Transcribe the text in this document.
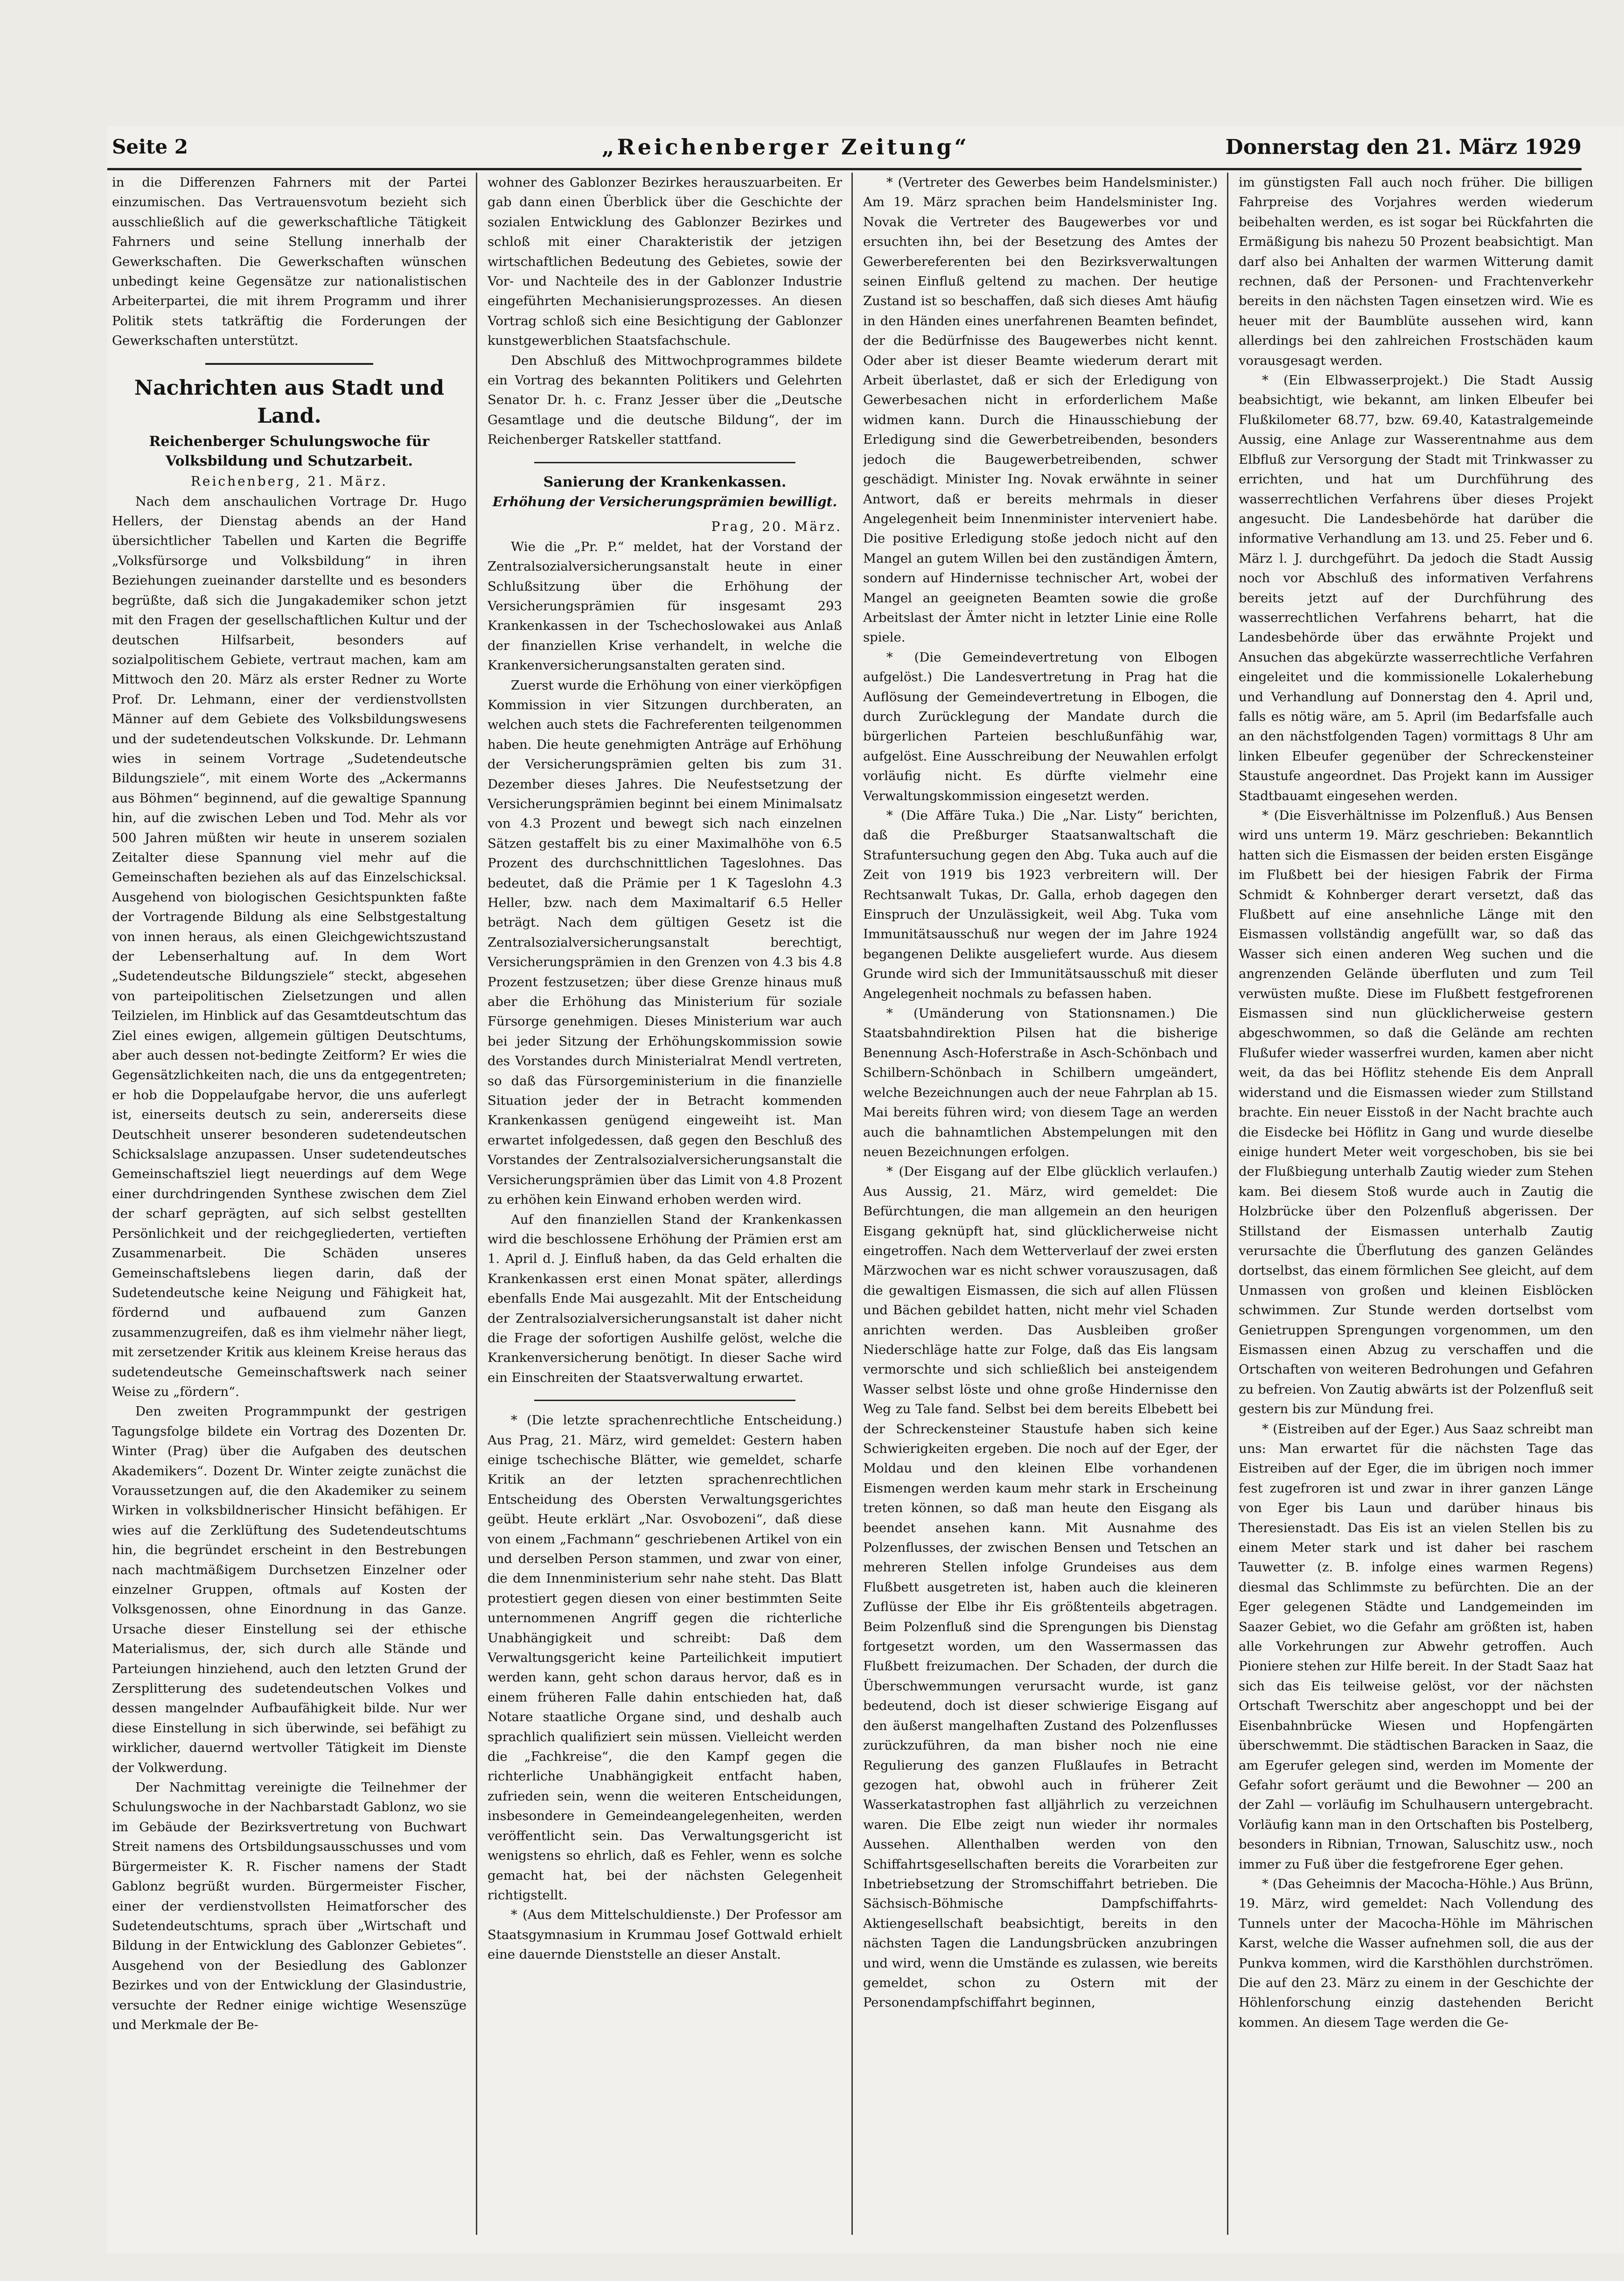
Seite 2	„Reichenberger Zeitung“	Donnerstag den 21. März 1929

in die Differenzen Fahrners mit der Partei einzumischen. Das Vertrauensvotum bezieht sich ausschließlich auf die gewerkschaftliche Tätigkeit Fahrners und seine Stellung innerhalb der Gewerkschaften. Die Gewerkschaften wünschen unbedingt keine Gegensätze zur nationalistischen Arbeiterpartei, die mit ihrem Programm und ihrer Politik stets tatkräftig die Forderungen der Gewerkschaften unterstützt.

Nachrichten aus Stadt und Land.
Reichenberger Schulungswoche für Volksbildung und Schutzarbeit.
Reichenberg, 21. März.

Nach dem anschaulichen Vortrage Dr. Hugo Hellers, der Dienstag abends an der Hand übersichtlicher Tabellen und Karten die Begriffe „Volksfürsorge und Volksbildung“ in ihren Beziehungen zueinander darstellte und es besonders begrüßte, daß sich die Jungakademiker schon jetzt mit den Fragen der gesellschaftlichen Kultur und der deutschen Hilfsarbeit, besonders auf sozialpolitischem Gebiete, vertraut machen, kam am Mittwoch den 20. März als erster Redner zu Worte Prof. Dr. Lehmann, einer der verdienstvollsten Männer auf dem Gebiete des Volksbildungswesens und der sudetendeutschen Volkskunde. Dr. Lehmann wies in seinem Vortrage „Sudetendeutsche Bildungsziele“, mit einem Worte des „Ackermanns aus Böhmen“ beginnend, auf die gewaltige Spannung hin, auf die zwischen Leben und Tod. Mehr als vor 500 Jahren müßten wir heute in unserem sozialen Zeitalter diese Spannung viel mehr auf die Gemeinschaften beziehen als auf das Einzelschicksal. Ausgehend von biologischen Gesichtspunkten faßte der Vortragende Bildung als eine Selbstgestaltung von innen heraus, als einen Gleichgewichtszustand der Lebenserhaltung auf. In dem Wort „Sudetendeutsche Bildungsziele“ steckt, abgesehen von parteipolitischen Zielsetzungen und allen Teilzielen, im Hinblick auf das Gesamtdeutschtum das Ziel eines ewigen, allgemein gültigen Deutschtums, aber auch dessen not-bedingte Zeitform? Er wies die Gegensätzlichkeiten nach, die uns da entgegentreten; er hob die Doppelaufgabe hervor, die uns auferlegt ist, einerseits deutsch zu sein, andererseits diese Deutschheit unserer besonderen sudetendeutschen Schicksalslage anzupassen. Unser sudetendeutsches Gemeinschaftsziel liegt neuerdings auf dem Wege einer durchdringenden Synthese zwischen dem Ziel der scharf geprägten, auf sich selbst gestellten Persönlichkeit und der reichgegliederten, vertieften Zusammenarbeit. Die Schäden unseres Gemeinschaftslebens liegen darin, daß der Sudetendeutsche keine Neigung und Fähigkeit hat, fördernd und aufbauend zum Ganzen zusammenzugreifen, daß es ihm vielmehr näher liegt, mit zersetzender Kritik aus kleinem Kreise heraus das sudetendeutsche Gemeinschaftswerk nach seiner Weise zu „fördern“.

Den zweiten Programmpunkt der gestrigen Tagungsfolge bildete ein Vortrag des Dozenten Dr. Winter (Prag) über die Aufgaben des deutschen Akademikers“. Dozent Dr. Winter zeigte zunächst die Voraussetzungen auf, die den Akademiker zu seinem Wirken in volksbildnerischer Hinsicht befähigen. Er wies auf die Zerklüftung des Sudetendeutschtums hin, die begründet erscheint in den Bestrebungen nach machtmäßigem Durchsetzen Einzelner oder einzelner Gruppen, oftmals auf Kosten der Volksgenossen, ohne Einordnung in das Ganze. Ursache dieser Einstellung sei der ethische Materialismus, der, sich durch alle Stände und Parteiungen hinziehend, auch den letzten Grund der Zersplitterung des sudetendeutschen Volkes und dessen mangelnder Aufbaufähigkeit bilde. Nur wer diese Einstellung in sich überwinde, sei befähigt zu wirklicher, dauernd wertvoller Tätigkeit im Dienste der Volkwerdung.

Der Nachmittag vereinigte die Teilnehmer der Schulungswoche in der Nachbarstadt Gablonz, wo sie im Gebäude der Bezirksvertretung von Buchwart Streit namens des Ortsbildungsausschusses und vom Bürgermeister K. R. Fischer namens der Stadt Gablonz begrüßt wurden. Bürgermeister Fischer, einer der verdienstvollsten Heimatforscher des Sudetendeutschtums, sprach über „Wirtschaft und Bildung in der Entwicklung des Gablonzer Gebietes“. Ausgehend von der Besiedlung des Gablonzer Bezirkes und von der Entwicklung der Glasindustrie, versuchte der Redner einige wichtige Wesenszüge und Merkmale der Be-

wohner des Gablonzer Bezirkes herauszuarbeiten. Er gab dann einen Überblick über die Geschichte der sozialen Entwicklung des Gablonzer Bezirkes und schloß mit einer Charakteristik der jetzigen wirtschaftlichen Bedeutung des Gebietes, sowie der Vor- und Nachteile des in der Gablonzer Industrie eingeführten Mechanisierungsprozesses. An diesen Vortrag schloß sich eine Besichtigung der Gablonzer kunstgewerblichen Staatsfachschule.

Den Abschluß des Mittwochprogrammes bildete ein Vortrag des bekannten Politikers und Gelehrten Senator Dr. h. c. Franz Jesser über die „Deutsche Gesamtlage und die deutsche Bildung“, der im Reichenberger Ratskeller stattfand.

Sanierung der Krankenkassen.
Erhöhung der Versicherungsprämien bewilligt.
Prag, 20. März.

Wie die „Pr. P.“ meldet, hat der Vorstand der Zentralsozialversicherungsanstalt heute in einer Schlußsitzung über die Erhöhung der Versicherungsprämien für insgesamt 293 Krankenkassen in der Tschechoslowakei aus Anlaß der finanziellen Krise verhandelt, in welche die Krankenversicherungsanstalten geraten sind.

Zuerst wurde die Erhöhung von einer vierköpfigen Kommission in vier Sitzungen durchberaten, an welchen auch stets die Fachreferenten teilgenommen haben. Die heute genehmigten Anträge auf Erhöhung der Versicherungsprämien gelten bis zum 31. Dezember dieses Jahres. Die Neufestsetzung der Versicherungsprämien beginnt bei einem Minimalsatz von 4.3 Prozent und bewegt sich nach einzelnen Sätzen gestaffelt bis zu einer Maximalhöhe von 6.5 Prozent des durchschnittlichen Tageslohnes. Das bedeutet, daß die Prämie per 1 K Tageslohn 4.3 Heller, bzw. nach dem Maximaltarif 6.5 Heller beträgt. Nach dem gültigen Gesetz ist die Zentralsozialversicherungsanstalt berechtigt, Versicherungsprämien in den Grenzen von 4.3 bis 4.8 Prozent festzusetzen; über diese Grenze hinaus muß aber die Erhöhung das Ministerium für soziale Fürsorge genehmigen. Dieses Ministerium war auch bei jeder Sitzung der Erhöhungskommission sowie des Vorstandes durch Ministerialrat Mendl vertreten, so daß das Fürsorgeministerium in die finanzielle Situation jeder der in Betracht kommenden Krankenkassen genügend eingeweiht ist. Man erwartet infolgedessen, daß gegen den Beschluß des Vorstandes der Zentralsozialversicherungsanstalt die Versicherungsprämien über das Limit von 4.8 Prozent zu erhöhen kein Einwand erhoben werden wird.

Auf den finanziellen Stand der Krankenkassen wird die beschlossene Erhöhung der Prämien erst am 1. April d. J. Einfluß haben, da das Geld erhalten die Krankenkassen erst einen Monat später, allerdings ebenfalls Ende Mai ausgezahlt. Mit der Entscheidung der Zentralsozialversicherungsanstalt ist daher nicht die Frage der sofortigen Aushilfe gelöst, welche die Krankenversicherung benötigt. In dieser Sache wird ein Einschreiten der Staatsverwaltung erwartet.

* (Die letzte sprachenrechtliche Entscheidung.) Aus Prag, 21. März, wird gemeldet: Gestern haben einige tschechische Blätter, wie gemeldet, scharfe Kritik an der letzten sprachenrechtlichen Entscheidung des Obersten Verwaltungsgerichtes geübt. Heute erklärt „Nar. Osvobozeni“, daß diese von einem „Fachmann“ geschriebenen Artikel von ein und derselben Person stammen, und zwar von einer, die dem Innenministerium sehr nahe steht. Das Blatt protestiert gegen diesen von einer bestimmten Seite unternommenen Angriff gegen die richterliche Unabhängigkeit und schreibt: Daß dem Verwaltungsgericht keine Parteilichkeit imputiert werden kann, geht schon daraus hervor, daß es in einem früheren Falle dahin entschieden hat, daß Notare staatliche Organe sind, und deshalb auch sprachlich qualifiziert sein müssen. Vielleicht werden die „Fachkreise“, die den Kampf gegen die richterliche Unabhängigkeit entfacht haben, zufrieden sein, wenn die weiteren Entscheidungen, insbesondere in Gemeindeangelegenheiten, werden veröffentlicht sein. Das Verwaltungsgericht ist wenigstens so ehrlich, daß es Fehler, wenn es solche gemacht hat, bei der nächsten Gelegenheit richtigstellt.

* (Aus dem Mittelschuldienste.) Der Professor am Staatsgymnasium in Krummau Josef Gottwald erhielt eine dauernde Dienststelle an dieser Anstalt.

* (Vertreter des Gewerbes beim Handelsminister.) Am 19. März sprachen beim Handelsminister Ing. Novak die Vertreter des Baugewerbes vor und ersuchten ihn, bei der Besetzung des Amtes der Gewerbereferenten bei den Bezirksverwaltungen seinen Einfluß geltend zu machen. Der heutige Zustand ist so beschaffen, daß sich dieses Amt häufig in den Händen eines unerfahrenen Beamten befindet, der die Bedürfnisse des Baugewerbes nicht kennt. Oder aber ist dieser Beamte wiederum derart mit Arbeit überlastet, daß er sich der Erledigung von Gewerbesachen nicht in erforderlichem Maße widmen kann. Durch die Hinausschiebung der Erledigung sind die Gewerbetreibenden, besonders jedoch die Baugewerbetreibenden, schwer geschädigt. Minister Ing. Novak erwähnte in seiner Antwort, daß er bereits mehrmals in dieser Angelegenheit beim Innenminister interveniert habe. Die positive Erledigung stoße jedoch nicht auf den Mangel an gutem Willen bei den zuständigen Ämtern, sondern auf Hindernisse technischer Art, wobei der Mangel an geeigneten Beamten sowie die große Arbeitslast der Ämter nicht in letzter Linie eine Rolle spiele.

* (Die Gemeindevertretung von Elbogen aufgelöst.) Die Landesvertretung in Prag hat die Auflösung der Gemeindevertretung in Elbogen, die durch Zurücklegung der Mandate durch die bürgerlichen Parteien beschlußunfähig war, aufgelöst. Eine Ausschreibung der Neuwahlen erfolgt vorläufig nicht. Es dürfte vielmehr eine Verwaltungskommission eingesetzt werden.

* (Die Affäre Tuka.) Die „Nar. Listy“ berichten, daß die Preßburger Staatsanwaltschaft die Strafuntersuchung gegen den Abg. Tuka auch auf die Zeit von 1919 bis 1923 verbreitern will. Der Rechtsanwalt Tukas, Dr. Galla, erhob dagegen den Einspruch der Unzulässigkeit, weil Abg. Tuka vom Immunitätsausschuß nur wegen der im Jahre 1924 begangenen Delikte ausgeliefert wurde. Aus diesem Grunde wird sich der Immunitätsausschuß mit dieser Angelegenheit nochmals zu befassen haben.

* (Umänderung von Stationsnamen.) Die Staatsbahndirektion Pilsen hat die bisherige Benennung Asch-Hoferstraße in Asch-Schönbach und Schilbern-Schönbach in Schilbern umgeändert, welche Bezeichnungen auch der neue Fahrplan ab 15. Mai bereits führen wird; von diesem Tage an werden auch die bahnamtlichen Abstempelungen mit den neuen Bezeichnungen erfolgen.

* (Der Eisgang auf der Elbe glücklich verlaufen.) Aus Aussig, 21. März, wird gemeldet: Die Befürchtungen, die man allgemein an den heurigen Eisgang geknüpft hat, sind glücklicherweise nicht eingetroffen. Nach dem Wetterverlauf der zwei ersten Märzwochen war es nicht schwer vorauszusagen, daß die gewaltigen Eismassen, die sich auf allen Flüssen und Bächen gebildet hatten, nicht mehr viel Schaden anrichten werden. Das Ausbleiben großer Niederschläge hatte zur Folge, daß das Eis langsam vermorschte und sich schließlich bei ansteigendem Wasser selbst löste und ohne große Hindernisse den Weg zu Tale fand. Selbst bei dem bereits Elbebett bei der Schreckensteiner Staustufe haben sich keine Schwierigkeiten ergeben. Die noch auf der Eger, der Moldau und den kleinen Elbe vorhandenen Eismengen werden kaum mehr stark in Erscheinung treten können, so daß man heute den Eisgang als beendet ansehen kann. Mit Ausnahme des Polzenflusses, der zwischen Bensen und Tetschen an mehreren Stellen infolge Grundeises aus dem Flußbett ausgetreten ist, haben auch die kleineren Zuflüsse der Elbe ihr Eis größtenteils abgetragen. Beim Polzenfluß sind die Sprengungen bis Dienstag fortgesetzt worden, um den Wassermassen das Flußbett freizumachen. Der Schaden, der durch die Überschwemmungen verursacht wurde, ist ganz bedeutend, doch ist dieser schwierige Eisgang auf den äußerst mangelhaften Zustand des Polzenflusses zurückzuführen, da man bisher noch nie eine Regulierung des ganzen Flußlaufes in Betracht gezogen hat, obwohl auch in früherer Zeit Wasserkatastrophen fast alljährlich zu verzeichnen waren. Die Elbe zeigt nun wieder ihr normales Aussehen. Allenthalben werden von den Schiffahrtsgesellschaften bereits die Vorarbeiten zur Inbetriebsetzung der Stromschiffahrt betrieben. Die Sächsisch-Böhmische Dampfschiffahrts-Aktiengesellschaft beabsichtigt, bereits in den nächsten Tagen die Landungsbrücken anzubringen und wird, wenn die Umstände es zulassen, wie bereits gemeldet, schon zu Ostern mit der Personendampfschiffahrt beginnen,

im günstigsten Fall auch noch früher. Die billigen Fahrpreise des Vorjahres werden wiederum beibehalten werden, es ist sogar bei Rückfahrten die Ermäßigung bis nahezu 50 Prozent beabsichtigt. Man darf also bei Anhalten der warmen Witterung damit rechnen, daß der Personen- und Frachtenverkehr bereits in den nächsten Tagen einsetzen wird. Wie es heuer mit der Baumblüte aussehen wird, kann allerdings bei den zahlreichen Frostschäden kaum vorausgesagt werden.

* (Ein Elbwasserprojekt.) Die Stadt Aussig beabsichtigt, wie bekannt, am linken Elbeufer bei Flußkilometer 68.77, bzw. 69.40, Katastralgemeinde Aussig, eine Anlage zur Wasserentnahme aus dem Elbfluß zur Versorgung der Stadt mit Trinkwasser zu errichten, und hat um Durchführung des wasserrechtlichen Verfahrens über dieses Projekt angesucht. Die Landesbehörde hat darüber die informative Verhandlung am 13. und 25. Feber und 6. März l. J. durchgeführt. Da jedoch die Stadt Aussig noch vor Abschluß des informativen Verfahrens bereits jetzt auf der Durchführung des wasserrechtlichen Verfahrens beharrt, hat die Landesbehörde über das erwähnte Projekt und Ansuchen das abgekürzte wasserrechtliche Verfahren eingeleitet und die kommissionelle Lokalerhebung und Verhandlung auf Donnerstag den 4. April und, falls es nötig wäre, am 5. April (im Bedarfsfalle auch an den nächstfolgenden Tagen) vormittags 8 Uhr am linken Elbeufer gegenüber der Schreckensteiner Staustufe angeordnet. Das Projekt kann im Aussiger Stadtbauamt eingesehen werden.

* (Die Eisverhältnisse im Polzenfluß.) Aus Bensen wird uns unterm 19. März geschrieben: Bekanntlich hatten sich die Eismassen der beiden ersten Eisgänge im Flußbett bei der hiesigen Fabrik der Firma Schmidt & Kohnberger derart versetzt, daß das Flußbett auf eine ansehnliche Länge mit den Eismassen vollständig angefüllt war, so daß das Wasser sich einen anderen Weg suchen und die angrenzenden Gelände überfluten und zum Teil verwüsten mußte. Diese im Flußbett festgefrorenen Eismassen sind nun glücklicherweise gestern abgeschwommen, so daß die Gelände am rechten Flußufer wieder wasserfrei wurden, kamen aber nicht weit, da das bei Höflitz stehende Eis dem Anprall widerstand und die Eismassen wieder zum Stillstand brachte. Ein neuer Eisstoß in der Nacht brachte auch die Eisdecke bei Höflitz in Gang und wurde dieselbe einige hundert Meter weit vorgeschoben, bis sie bei der Flußbiegung unterhalb Zautig wieder zum Stehen kam. Bei diesem Stoß wurde auch in Zautig die Holzbrücke über den Polzenfluß abgerissen. Der Stillstand der Eismassen unterhalb Zautig verursachte die Überflutung des ganzen Geländes dortselbst, das einem förmlichen See gleicht, auf dem Unmassen von großen und kleinen Eisblöcken schwimmen. Zur Stunde werden dortselbst vom Genietruppen Sprengungen vorgenommen, um den Eismassen einen Abzug zu verschaffen und die Ortschaften von weiteren Bedrohungen und Gefahren zu befreien. Von Zautig abwärts ist der Polzenfluß seit gestern bis zur Mündung frei.

* (Eistreiben auf der Eger.) Aus Saaz schreibt man uns: Man erwartet für die nächsten Tage das Eistreiben auf der Eger, die im übrigen noch immer fest zugefroren ist und zwar in ihrer ganzen Länge von Eger bis Laun und darüber hinaus bis Theresienstadt. Das Eis ist an vielen Stellen bis zu einem Meter stark und ist daher bei raschem Tauwetter (z. B. infolge eines warmen Regens) diesmal das Schlimmste zu befürchten. Die an der Eger gelegenen Städte und Landgemeinden im Saazer Gebiet, wo die Gefahr am größten ist, haben alle Vorkehrungen zur Abwehr getroffen. Auch Pioniere stehen zur Hilfe bereit. In der Stadt Saaz hat sich das Eis teilweise gelöst, vor der nächsten Ortschaft Twerschitz aber angeschoppt und bei der Eisenbahnbrücke Wiesen und Hopfengärten überschwemmt. Die städtischen Baracken in Saaz, die am Egerufer gelegen sind, werden im Momente der Gefahr sofort geräumt und die Bewohner — 200 an der Zahl — vorläufig im Schulhausern untergebracht. Vorläufig kann man in den Ortschaften bis Postelberg, besonders in Ribnian, Trnowan, Saluschitz usw., noch immer zu Fuß über die festgefrorene Eger gehen.

* (Das Geheimnis der Macocha-Höhle.) Aus Brünn, 19. März, wird gemeldet: Nach Vollendung des Tunnels unter der Macocha-Höhle im Mährischen Karst, welche die Wasser aufnehmen soll, die aus der Punkva kommen, wird die Karsthöhlen durchströmen. Die auf den 23. März zu einem in der Geschichte der Höhlenforschung einzig dastehenden Bericht kommen. An diesem Tage werden die Ge-
